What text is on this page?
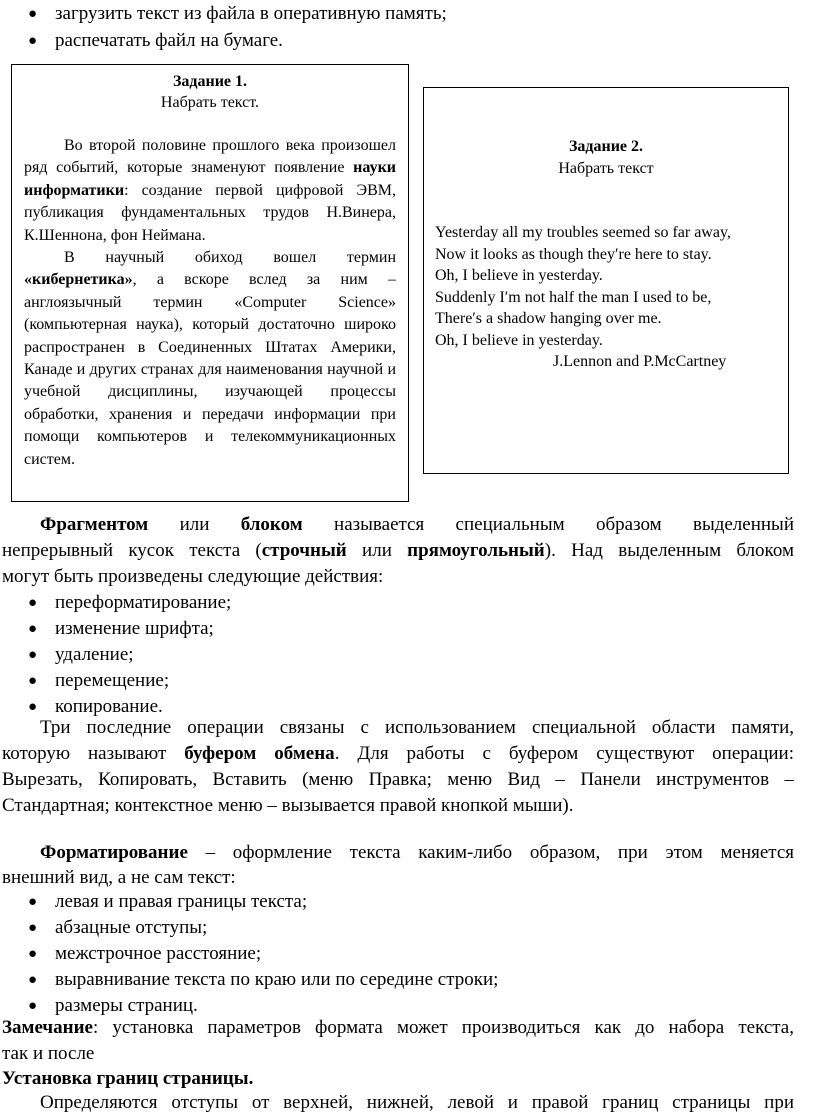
● загрузить текст из файла в оперативную память;
● распечатать файл на бумаге.
Задание 1.
Набрать текст.
Во второй половине прошлого века произошел ряд событий, которые знаменуют появление науки информатики: создание первой цифровой ЭВМ, публикация фундаментальных трудов Н.Винера, К.Шеннона, фон Неймана.
В научный обиход вошел термин «кибернетика», а вскоре вслед за ним – англоязычный термин «Computer Science» (компьютерная наука), который достаточно широко распространен в Соединенных Штатах Америки, Канаде и других странах для наименования научной и учебной дисциплины, изучающей процессы обработки, хранения и передачи информации при помощи компьютеров и телекоммуникационных систем.
Задание 2.
Набрать текст
Yesterday all my troubles seemed so far away,
Now it looks as though they′re here to stay.
Oh, I believe in yesterday.
Suddenly I′m not half the man I used to be,
There′s a shadow hanging over me.
Oh, I believe in yesterday.
J.Lennon and P.McCartney
Фрагментом или блоком называется специальным образом выделенный
непрерывный кусок текста (строчный или прямоугольный). Над выделенным блоком
могут быть произведены следующие действия:
● переформатирование;
● изменение шрифта;
● удаление;
● перемещение;
● копирование.
Три последние операции связаны с использованием специальной области памяти,
которую называют буфером обмена. Для работы с буфером существуют операции:
Вырезать, Копировать, Вставить (меню Правка; меню Вид – Панели инструментов –
Стандартная; контекстное меню – вызывается правой кнопкой мыши).
Форматирование – оформление текста каким-либо образом, при этом меняется
внешний вид, а не сам текст:
● левая и правая границы текста;
● абзацные отступы;
● межстрочное расстояние;
● выравнивание текста по краю или по середине строки;
● размеры страниц.
Замечание: установка параметров формата может производиться как до набора текста,
так и после
Установка границ страницы.
Определяются отступы от верхней, нижней, левой и правой границ страницы при
